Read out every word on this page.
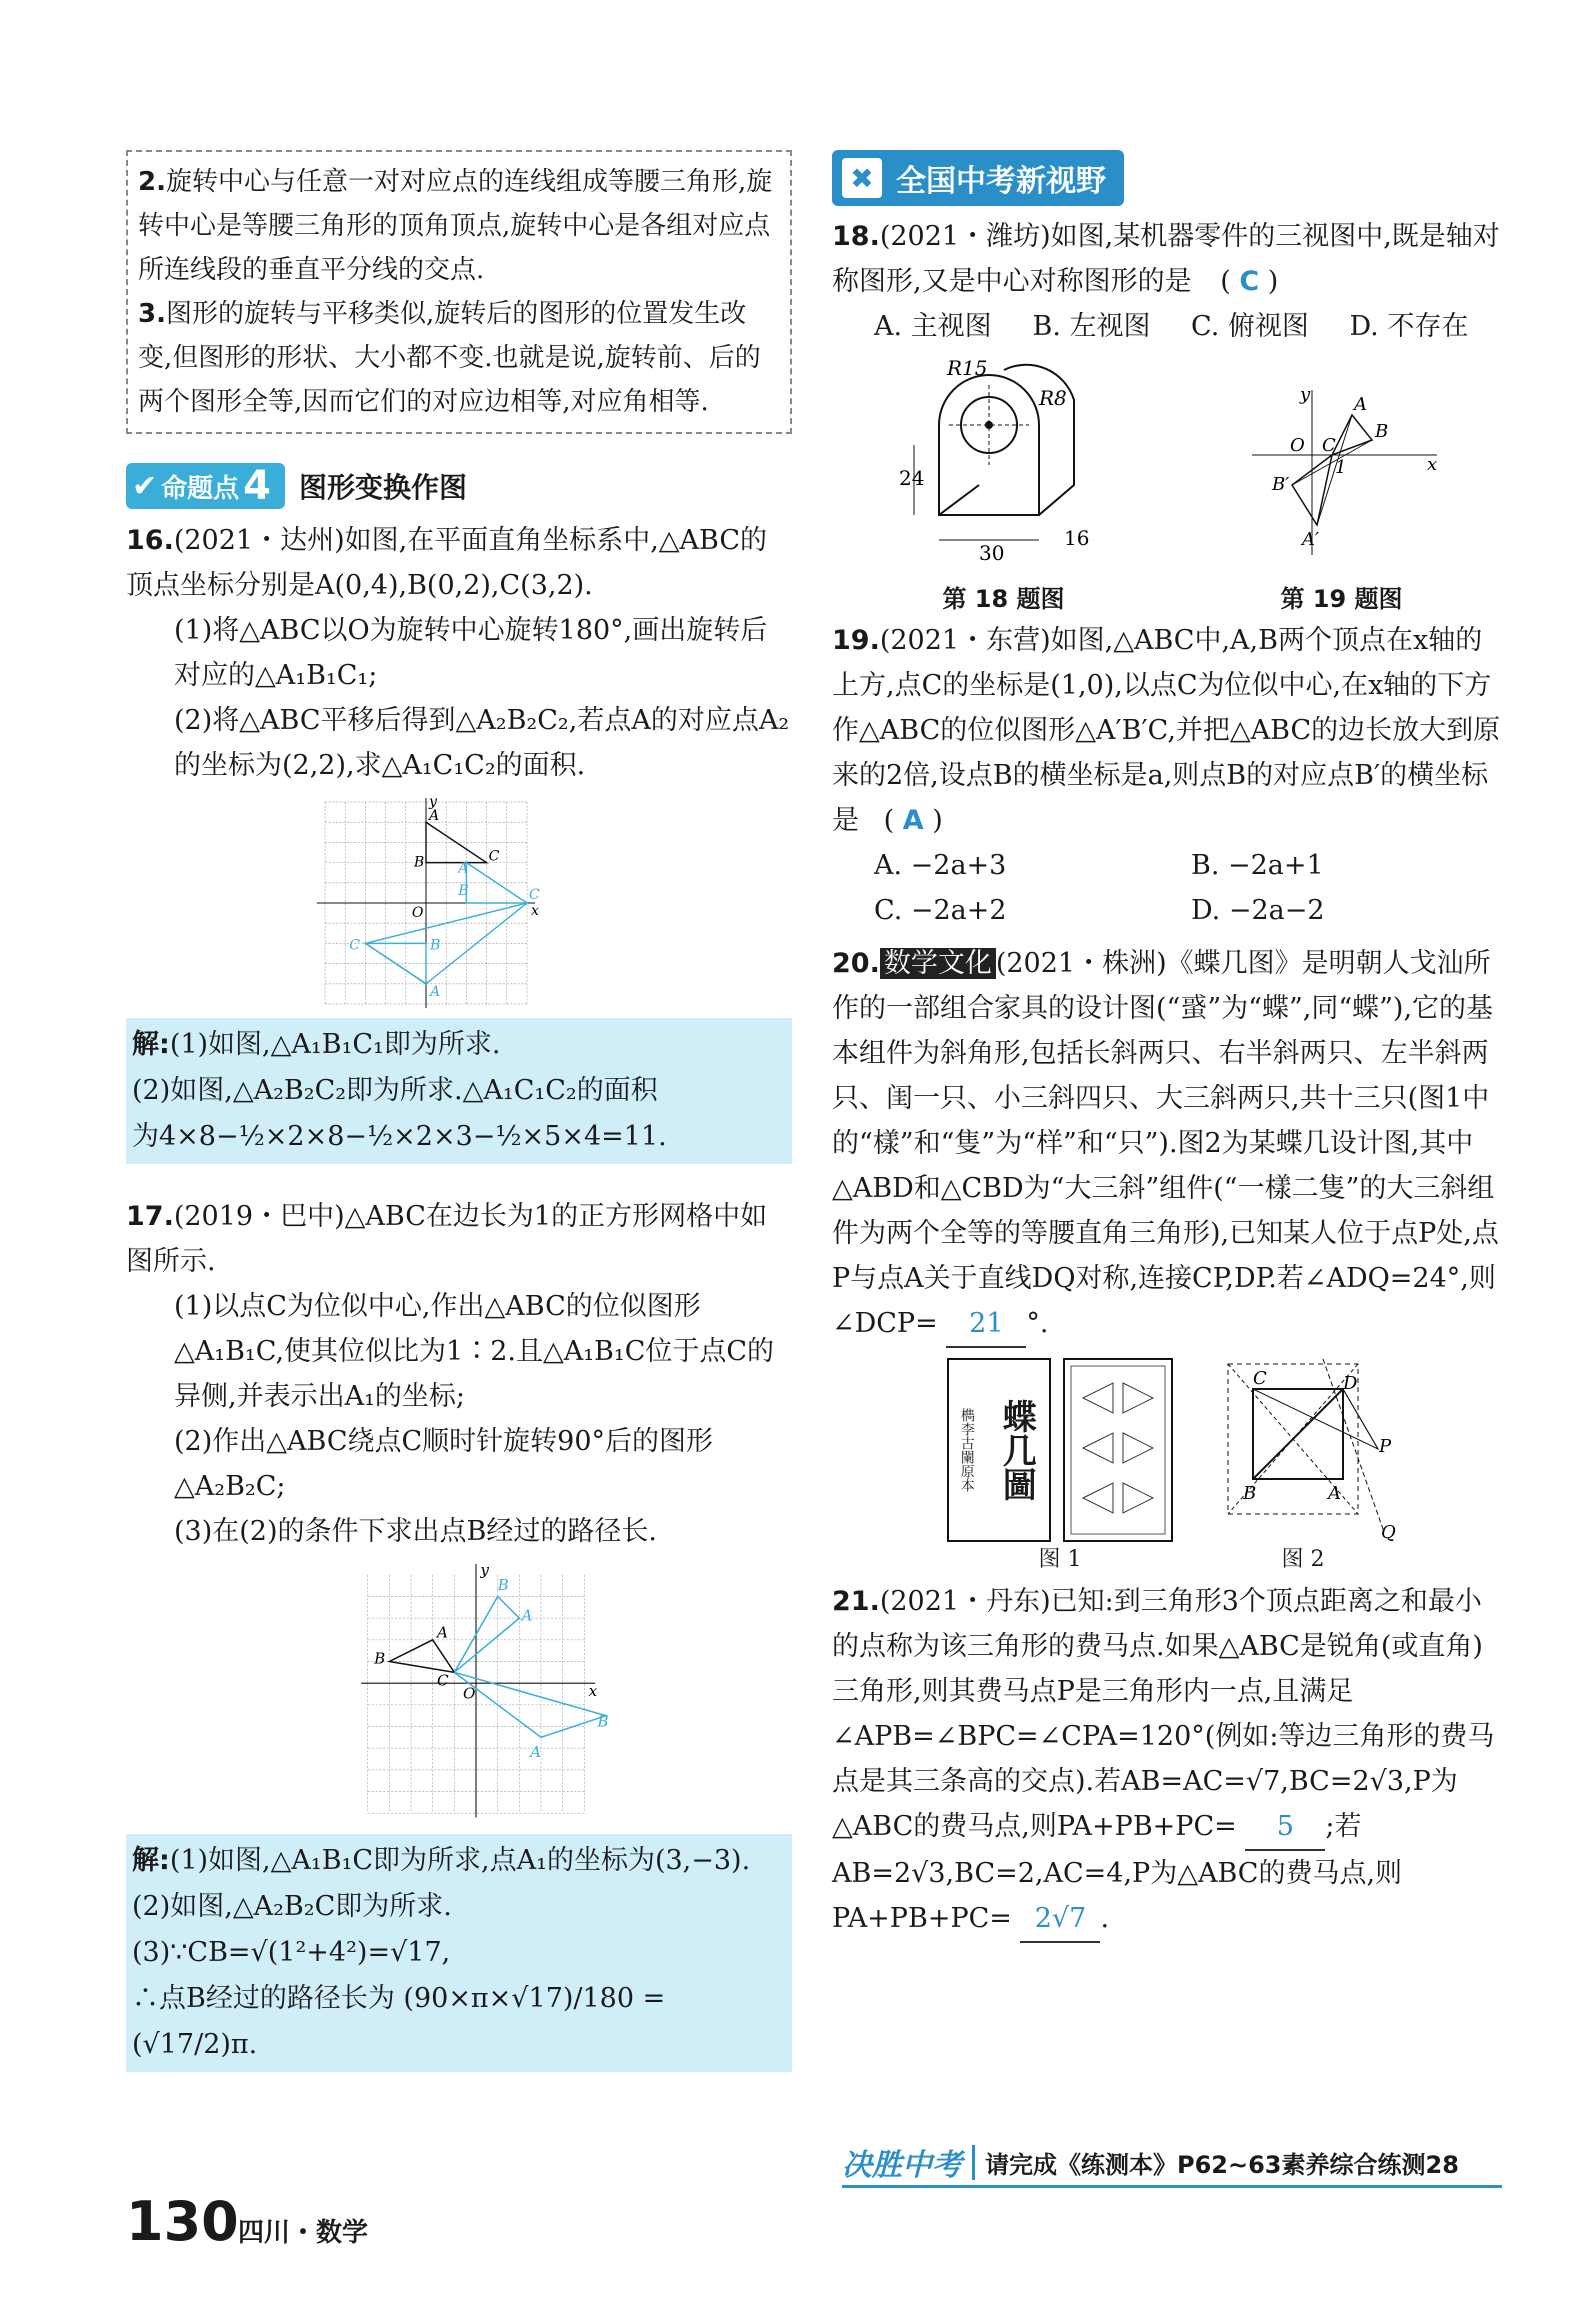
2.旋转中心与任意一对对应点的连线组成等腰三角形,旋转中心是等腰三角形的顶角顶点,旋转中心是各组对应点所连线段的垂直平分线的交点.
3.图形的旋转与平移类似,旋转后的图形的位置发生改变,但图形的形状、大小都不变.也就是说,旋转前、后的两个图形全等,因而它们的对应边相等,对应角相等.
✔ 命题点 4 图形变换作图

16.(2021・达州)如图,在平面直角坐标系中,△ABC的顶点坐标分别是A(0,4),B(0,2),C(3,2).

(1)将△ABC以O为旋转中心旋转180°,画出旋转后对应的△A₁B₁C₁;

(2)将△ABC平移后得到△A₂B₂C₂,若点A的对应点A₂的坐标为(2,2),求△A₁C₁C₂的面积.

解:(1)如图,△A₁B₁C₁即为所求.
(2)如图,△A₂B₂C₂即为所求.△A₁C₁C₂的面积
为4×8−½×2×8−½×2×3−½×5×4=11.

17.(2019・巴中)△ABC在边长为1的正方形网格中如图所示.

(1)以点C为位似中心,作出△ABC的位似图形△A₁B₁C,使其位似比为1∶2.且△A₁B₁C位于点C的异侧,并表示出A₁的坐标;

(2)作出△ABC绕点C顺时针旋转90°后的图形△A₂B₂C;

(3)在(2)的条件下求出点B经过的路径长.

解:(1)如图,△A₁B₁C即为所求,点A₁的坐标为(3,−3).
(2)如图,△A₂B₂C即为所求.
(3)∵CB=√(1²+4²)=√17,
∴点B经过的路径长为 (90×π×√17)/180 = (√17/2)π.
✖ 全国中考新视野

18.(2021・潍坊)如图,某机器零件的三视图中,既是轴对称图形,又是中心对称图形的是 ( C )

A. 主视图	B. 左视图	C. 俯视图	D. 不存在
R15
R8
24
30
16
第 18 题图
A
B
C
O
x
y
1
B′
A′
第 19 题图

19.(2021・东营)如图,△ABC中,A,B两个顶点在x轴的上方,点C的坐标是(1,0),以点C为位似中心,在x轴的下方作△ABC的位似图形△A′B′C,并把△ABC的边长放大到原来的2倍,设点B的横坐标是a,则点B的对应点B′的横坐标是 ( A )

A. −2a+3	B. −2a+1
C. −2a+2	D. −2a−2

20. 数学文化 (2021・株洲)《蝶几图》是明朝人戈汕所作的一部组合家具的设计图(“𧌒”为“蝶”,同“蝶”),它的基本组件为斜角形,包括长斜两只、右半斜两只、左半斜两只、闺一只、小三斜四只、大三斜两只,共十三只(图1中的“樣”和“隻”为“样”和“只”).图2为某蝶几设计图,其中△ABD和△CBD为“大三斜”组件(“一樣二隻”的大三斜组件为两个全等的等腰直角三角形),已知某人位于点P处,点P与点A关于直线DQ对称,连接CP,DP.若∠ADQ=24°,则∠DCP= 21 °.

檇李古闌原本 蝶几圖
图 1
C	D
B	A
P
Q
图 2

21.(2021・丹东)已知:到三角形3个顶点距离之和最小的点称为该三角形的费马点.如果△ABC是锐角(或直角)三角形,则其费马点P是三角形内一点,且满足∠APB=∠BPC=∠CPA=120°(例如:等边三角形的费马点是其三条高的交点).若AB=AC=√7,BC=2√3,P为△ABC的费马点,则PA+PB+PC= 5 ;若AB=2√3,BC=2,AC=4,P为△ABC的费马点,则PA+PB+PC= 2√7 .

决胜中考 请完成《练测本》P62~63素养综合练测28
130 四川・数学
